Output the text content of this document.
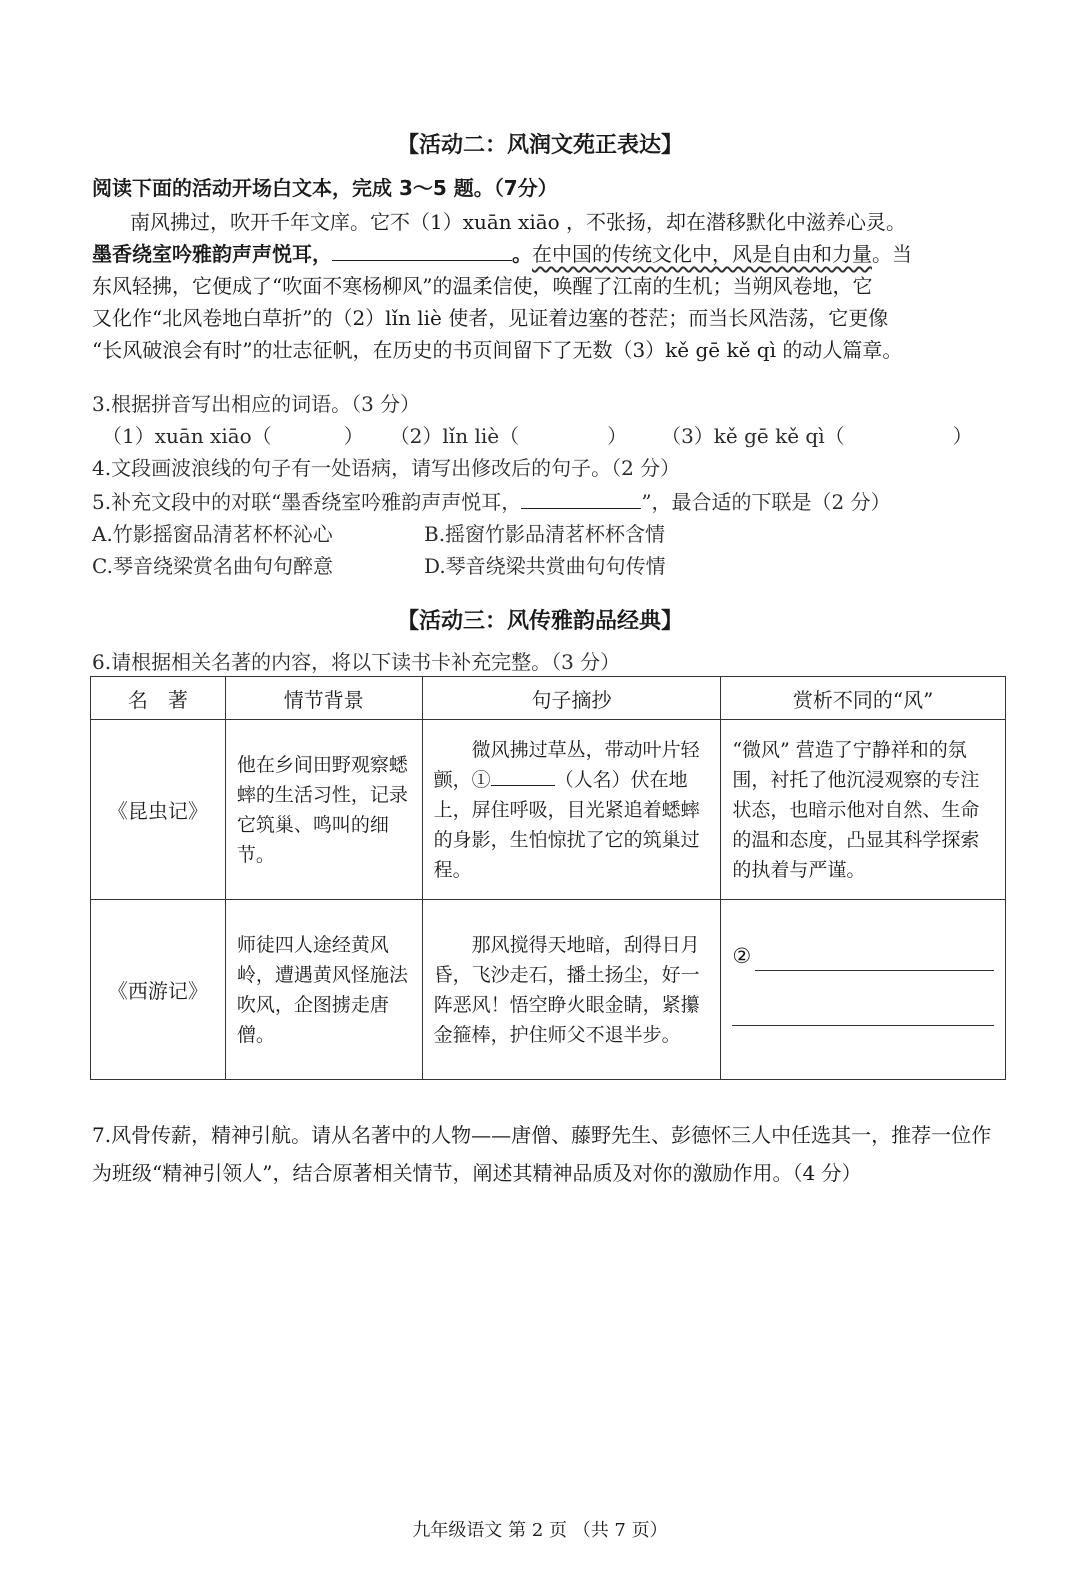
【活动二：风润文苑正表达】
阅读下面的活动开场白文本，完成 3～5 题。（7分）
南风拂过，吹开千年文庠。它不（1）xuān xiāo ，不张扬，却在潜移默化中滋养心灵。
墨香绕室吟雅韵声声悦耳，	。在中国的传统文化中，风是自由和力量。当
东风轻拂，它便成了“吹面不寒杨柳风”的温柔信使，唤醒了江南的生机；当朔风卷地，它
又化作“北风卷地白草折”的（2）lǐn liè 使者，见证着边塞的苍茫；而当长风浩荡，它更像
“长风破浪会有时”的壮志征帆，在历史的书页间留下了无数（3）kě gē kě qì 的动人篇章。
3.根据拼音写出相应的词语。（3 分）
（1）xuān xiāo（	） （2）lǐn liè（	） （3）kě gē kě qì（	）
4.文段画波浪线的句子有一处语病，请写出修改后的句子。（2 分）
5.补充文段中的对联“墨香绕室吟雅韵声声悦耳，	”，最合适的下联是（2 分）
A.竹影摇窗品清茗杯杯沁心	B.摇窗竹影品清茗杯杯含情
C.琴音绕梁赏名曲句句醉意	D.琴音绕梁共赏曲句句传情
【活动三：风传雅韵品经典】
6.请根据相关名著的内容，将以下读书卡补充完整。（3 分）
名　著	情节背景	句子摘抄	赏析不同的“风”
《昆虫记》	他在乡间田野观察蟋蟀的生活习性，记录它筑巢、鸣叫的细节。	微风拂过草丛，带动叶片轻颤，① （人名）伏在地上，屏住呼吸，目光紧追着蟋蟀的身影，生怕惊扰了它的筑巢过程。	“微风” 营造了宁静祥和的氛围，衬托了他沉浸观察的专注状态，也暗示他对自然、生命的温和态度，凸显其科学探索的执着与严谨。

《西游记》	师徒四人途经黄风岭，遭遇黄风怪施法吹风，企图掳走唐僧。	那风搅得天地暗，刮得日月昏，飞沙走石，播土扬尘，好一阵恶风！悟空睁火眼金睛，紧攥金箍棒，护住师父不退半步。	②
7.风骨传薪，精神引航。请从名著中的人物——唐僧、藤野先生、彭德怀三人中任选其一，推荐一位作为班级“精神引领人”，结合原著相关情节，阐述其精神品质及对你的激励作用。（4 分）
九年级语文 第 2 页 （共 7 页）
